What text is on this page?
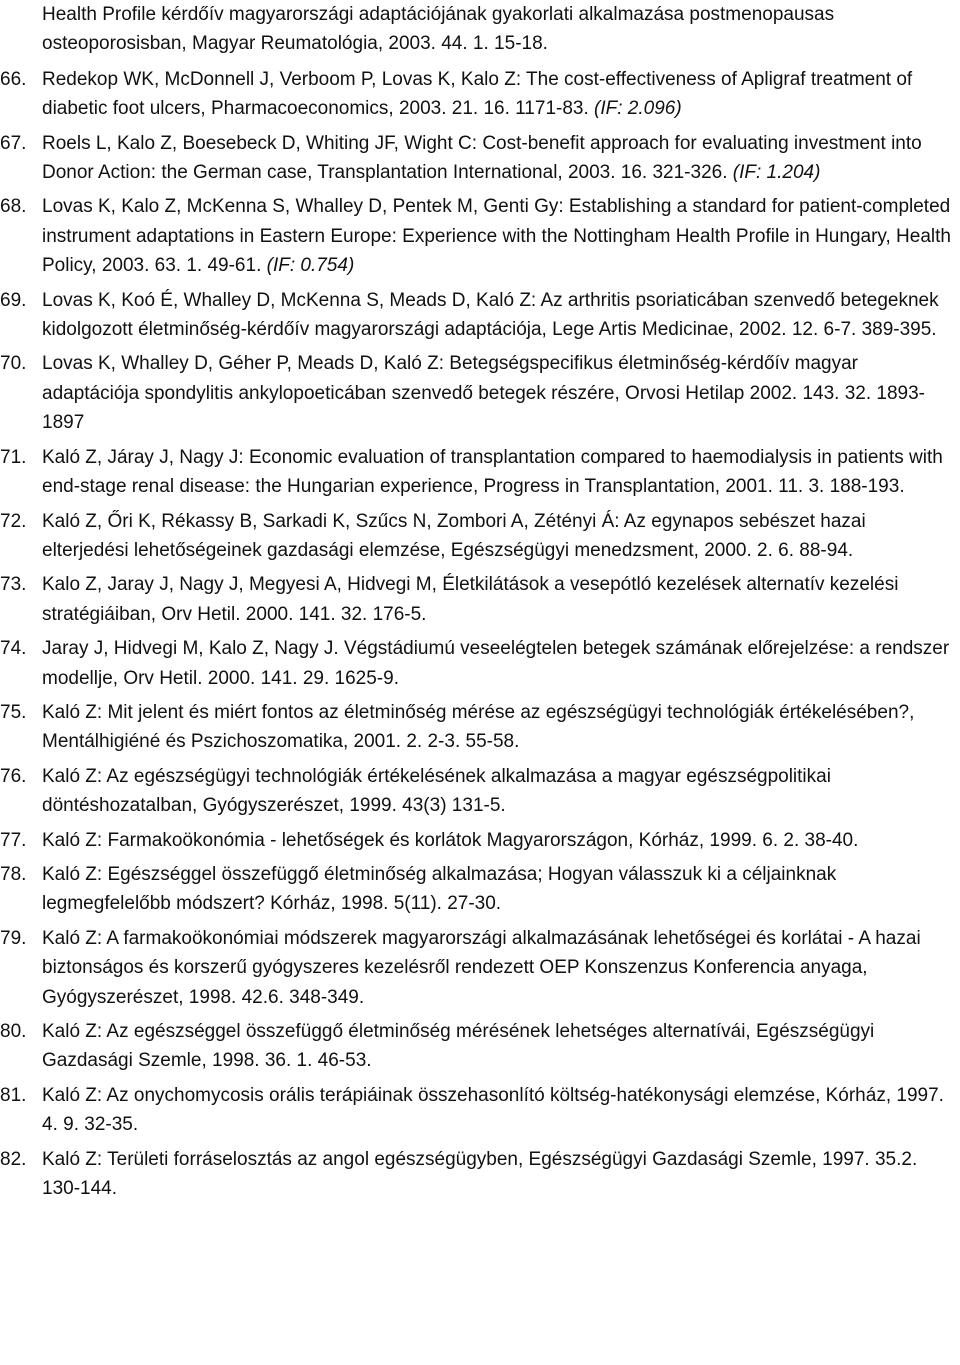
Health Profile kérdőív magyarországi adaptációjának gyakorlati alkalmazása postmenopausas osteoporosisban, Magyar Reumatológia, 2003. 44. 1. 15-18.
66. Redekop WK, McDonnell J, Verboom P, Lovas K, Kalo Z: The cost-effectiveness of Apligraf treatment of diabetic foot ulcers, Pharmacoeconomics, 2003. 21. 16. 1171-83. (IF: 2.096)
67. Roels L, Kalo Z, Boesebeck D, Whiting JF, Wight C: Cost-benefit approach for evaluating investment into Donor Action: the German case, Transplantation International, 2003. 16. 321-326. (IF: 1.204)
68. Lovas K, Kalo Z, McKenna S, Whalley D, Pentek M, Genti Gy: Establishing a standard for patient-completed instrument adaptations in Eastern Europe: Experience with the Nottingham Health Profile in Hungary, Health Policy, 2003. 63. 1. 49-61. (IF: 0.754)
69. Lovas K, Koó É, Whalley D, McKenna S, Meads D, Kaló Z: Az arthritis psoriaticában szenvedő betegeknek kidolgozott életminőség-kérdőív magyarországi adaptációja, Lege Artis Medicinae, 2002. 12. 6-7. 389-395.
70. Lovas K, Whalley D, Géher P, Meads D, Kaló Z: Betegségspecifikus életminőség-kérdőív magyar adaptációja spondylitis ankylopoeticában szenvedő betegek részére, Orvosi Hetilap 2002. 143. 32. 1893-1897
71. Kaló Z, Járay J, Nagy J: Economic evaluation of transplantation compared to haemodialysis in patients with end-stage renal disease: the Hungarian experience, Progress in Transplantation, 2001. 11. 3. 188-193.
72. Kaló Z, Őri K, Rékassy B, Sarkadi K, Szűcs N, Zombori A, Zétényi Á: Az egynapos sebészet hazai elterjedési lehetőségeinek gazdasági elemzése, Egészségügyi menedzsment, 2000. 2. 6. 88-94.
73. Kalo Z, Jaray J, Nagy J, Megyesi A, Hidvegi M, Életkilátások a vesepótló kezelések alternatív kezelési stratégiáiban, Orv Hetil. 2000. 141. 32. 176-5.
74. Jaray J, Hidvegi M, Kalo Z, Nagy J. Végstádiumú veseelégtelen betegek számának előrejelzése: a rendszer modellje, Orv Hetil. 2000. 141. 29. 1625-9.
75. Kaló Z: Mit jelent és miért fontos az életminőség mérése az egészségügyi technológiák értékelésében?, Mentálhigiéné és Pszichoszomatika, 2001. 2. 2-3. 55-58.
76. Kaló Z: Az egészségügyi technológiák értékelésének alkalmazása a magyar egészségpolitikai döntéshozatalban, Gyógyszerészet, 1999. 43(3) 131-5.
77. Kaló Z: Farmakoökonómia - lehetőségek és korlátok Magyarországon, Kórház, 1999. 6. 2. 38-40.
78. Kaló Z: Egészséggel összefüggő életminőség alkalmazása; Hogyan válasszuk ki a céljainknak legmegfelelőbb módszert? Kórház, 1998. 5(11). 27-30.
79. Kaló Z: A farmakoökonómiai módszerek magyarországi alkalmazásának lehetőségei és korlátai - A hazai biztonságos és korszerű gyógyszeres kezelésről rendezett OEP Konszenzus Konferencia anyaga, Gyógyszerészet, 1998. 42.6. 348-349.
80. Kaló Z: Az egészséggel összefüggő életminőség mérésének lehetséges alternatívái, Egészségügyi Gazdasági Szemle, 1998. 36. 1. 46-53.
81. Kaló Z: Az onychomycosis orális terápiáinak összehasonlító költség-hatékonysági elemzése, Kórház, 1997. 4. 9. 32-35.
82. Kaló Z: Területi forráselosztás az angol egészségügyben, Egészségügyi Gazdasági Szemle, 1997. 35.2. 130-144.
